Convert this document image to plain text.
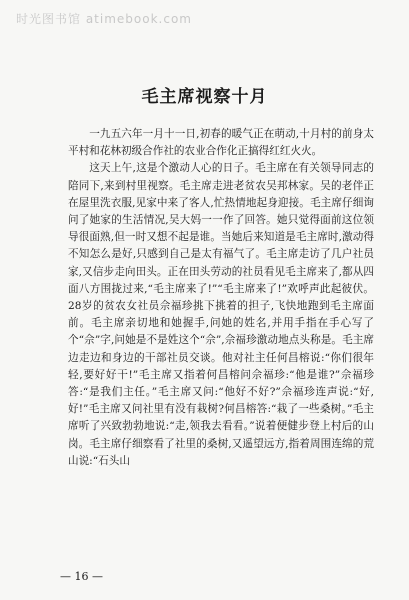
时光图书馆 atimebook.com
毛主席视察十月

一九五六年一月十一日,初春的暖气正在萌动,十月村的前身太平村和花林初级合作社的农业合作化正搞得红红火火。

这天上午,这是个激动人心的日子。毛主席在有关领导同志的陪同下,来到村里视察。毛主席走进老贫农吴邦林家。吴的老伴正在屋里洗衣服,见家中来了客人,忙热情地起身迎接。毛主席仔细询问了她家的生活情况,吴大妈一一作了回答。她只觉得面前这位领导很面熟,但一时又想不起是谁。当她后来知道是毛主席时,激动得不知怎么是好,只感到自己是太有福气了。毛主席走访了几户社员家,又信步走向田头。正在田头劳动的社员看见毛主席来了,都从四面八方围拢过来,“毛主席来了!”“毛主席来了!”欢呼声此起彼伏。28岁的贫农女社员佘福珍挑下挑着的担子,飞快地跑到毛主席面前。毛主席亲切地和她握手,问她的姓名,并用手指在手心写了个“佘”字,问她是不是姓这个“佘”,佘福珍激动地点头称是。毛主席边走边和身边的干部社员交谈。他对社主任何昌榕说:“你们很年轻,要好好干!”毛主席又指着何昌榕问佘福珍:“他是谁?”佘福珍答:“是我们主任。”毛主席又问:“他好不好?”佘福珍连声说:“好,好!”毛主席又问社里有没有栽树?何昌榕答:“栽了一些桑树。”毛主席听了兴致勃勃地说:“走,领我去看看。”说着便健步登上村后的山岗。毛主席仔细察看了社里的桑树,又遥望远方,指着周围连绵的荒山说:“石头山

— 16 —
